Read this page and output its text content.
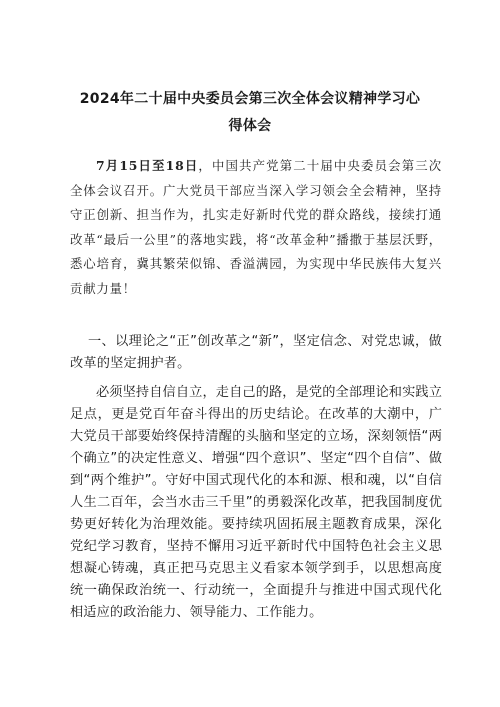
2024年二十届中央委员会第三次全体会议精神学习心
得体会

7月15日至18日，中国共产党第二十届中央委员会第三次全体会议召开。广大党员干部应当深入学习领会全会精神，坚持守正创新、担当作为，扎实走好新时代党的群众路线，接续打通改革“最后一公里”的落地实践，将“改革金种”播撒于基层沃野，悉心培育，冀其繁荣似锦、香溢满园，为实现中华民族伟大复兴贡献力量！

一、以理论之“正”创改革之“新”，坚定信念、对党忠诚，做改革的坚定拥护者。

必须坚持自信自立，走自己的路，是党的全部理论和实践立足点，更是党百年奋斗得出的历史结论。在改革的大潮中，广大党员干部要始终保持清醒的头脑和坚定的立场，深刻领悟“两个确立”的决定性意义、增强“四个意识”、坚定“四个自信”、做到“两个维护”。守好中国式现代化的本和源、根和魂，以“自信人生二百年，会当水击三千里”的勇毅深化改革，把我国制度优势更好转化为治理效能。要持续巩固拓展主题教育成果，深化党纪学习教育，坚持不懈用习近平新时代中国特色社会主义思想凝心铸魂，真正把马克思主义看家本领学到手，以思想高度统一确保政治统一、行动统一，全面提升与推进中国式现代化相适应的政治能力、领导能力、工作能力。
